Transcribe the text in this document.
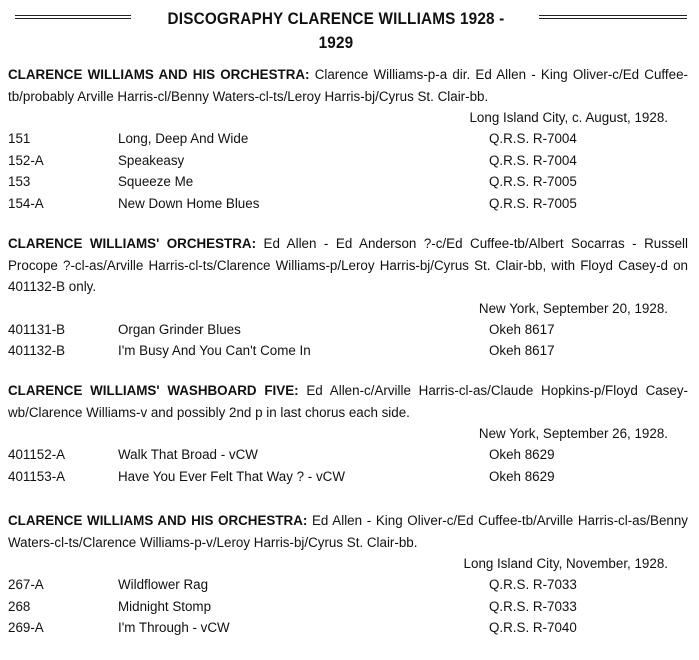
DISCOGRAPHY CLARENCE WILLIAMS 1928 - 1929

CLARENCE WILLIAMS AND HIS ORCHESTRA: Clarence Williams-p-a dir. Ed Allen - King Oliver-c/Ed Cuffee-tb/probably Arville Harris-cl/Benny Waters-cl-ts/Leroy Harris-bj/Cyrus St. Clair-bb.

Long Island City, c. August, 1928.
151	Long, Deep And Wide	Q.R.S. R-7004
152-A	Speakeasy	Q.R.S. R-7004
153	Squeeze Me	Q.R.S. R-7005
154-A	New Down Home Blues	Q.R.S. R-7005

CLARENCE WILLIAMS' ORCHESTRA: Ed Allen - Ed Anderson ?-c/Ed Cuffee-tb/Albert Socarras - Russell Procope ?-cl-as/Arville Harris-cl-ts/Clarence Williams-p/Leroy Harris-bj/Cyrus St. Clair-bb, with Floyd Casey-d on 401132-B only.

New York, September 20, 1928.
401131-B	Organ Grinder Blues	Okeh 8617
401132-B	I'm Busy And You Can't Come In	Okeh 8617

CLARENCE WILLIAMS' WASHBOARD FIVE: Ed Allen-c/Arville Harris-cl-as/Claude Hopkins-p/Floyd Casey-wb/Clarence Williams-v and possibly 2nd p in last chorus each side.

New York, September 26, 1928.
401152-A	Walk That Broad - vCW	Okeh 8629
401153-A	Have You Ever Felt That Way ? - vCW	Okeh 8629

CLARENCE WILLIAMS AND HIS ORCHESTRA: Ed Allen - King Oliver-c/Ed Cuffee-tb/Arville Harris-cl-as/Benny Waters-cl-ts/Clarence Williams-p-v/Leroy Harris-bj/Cyrus St. Clair-bb.

Long Island City, November, 1928.
267-A	Wildflower Rag	Q.R.S. R-7033
268	Midnight Stomp	Q.R.S. R-7033
269-A	I'm Through - vCW	Q.R.S. R-7040
